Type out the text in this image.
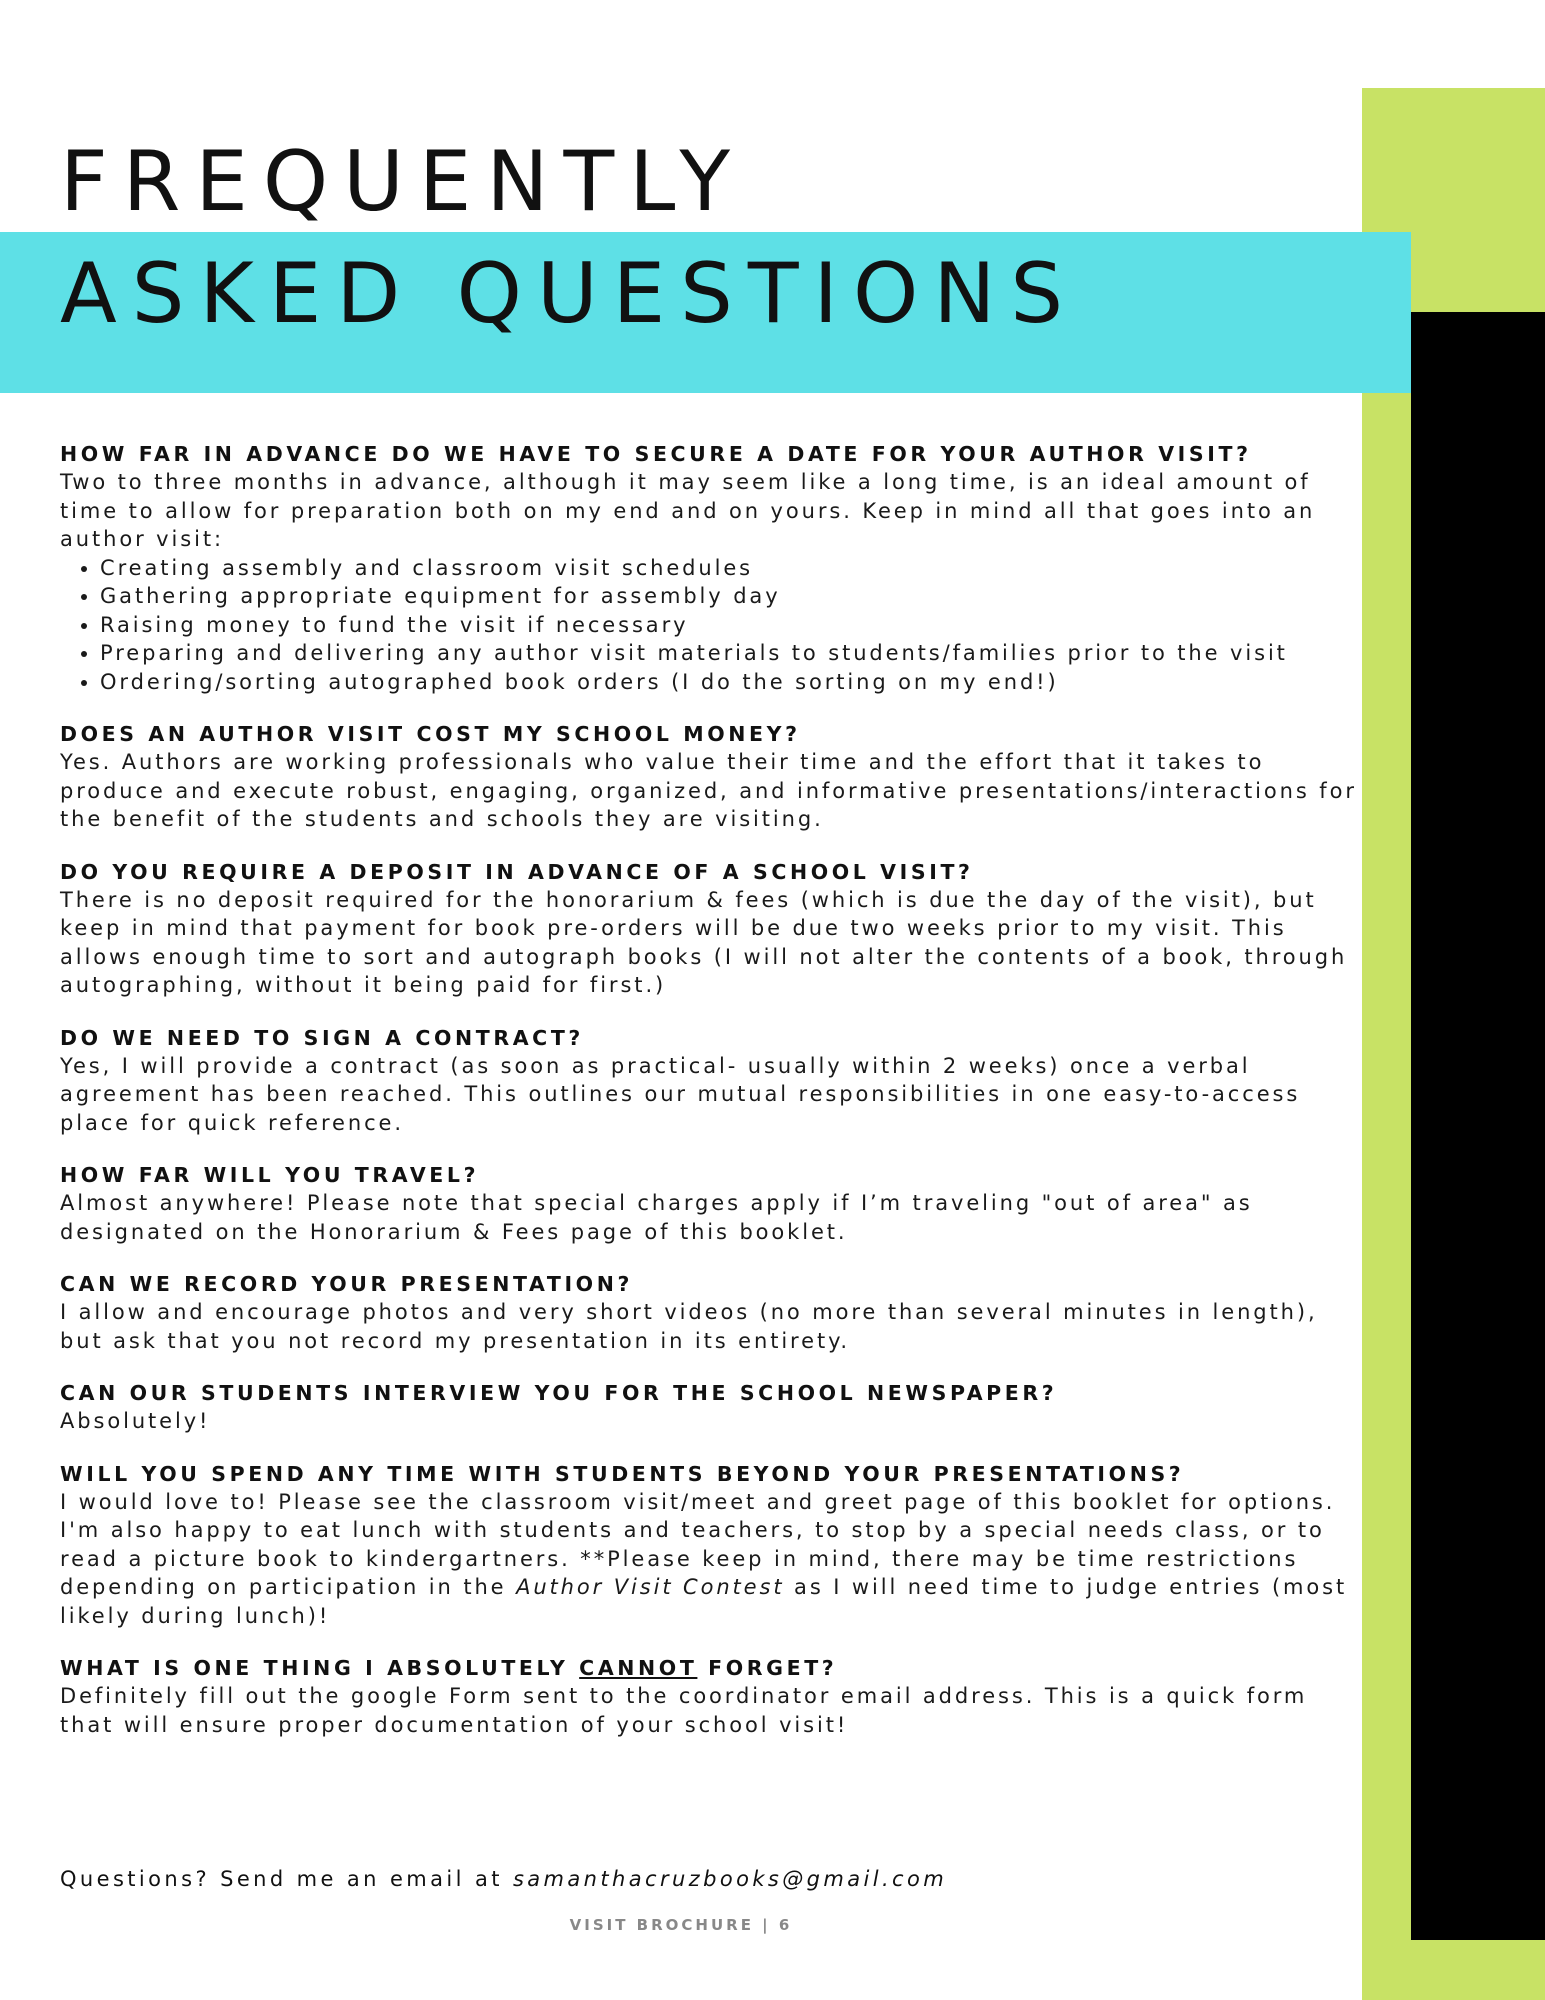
FREQUENTLY
ASKED QUESTIONS
HOW FAR IN ADVANCE DO WE HAVE TO SECURE A DATE FOR YOUR AUTHOR VISIT?

Two to three months in advance, although it may seem like a long time, is an ideal amount of time to allow for preparation both on my end and on yours. Keep in mind all that goes into an author visit:

• Creating assembly and classroom visit schedules
• Gathering appropriate equipment for assembly day
• Raising money to fund the visit if necessary
• Preparing and delivering any author visit materials to students/families prior to the visit
• Ordering/sorting autographed book orders (I do the sorting on my end!)
DOES AN AUTHOR VISIT COST MY SCHOOL MONEY?

Yes. Authors are working professionals who value their time and the effort that it takes to produce and execute robust, engaging, organized, and informative presentations/interactions for the benefit of the students and schools they are visiting.

DO YOU REQUIRE A DEPOSIT IN ADVANCE OF A SCHOOL VISIT?

There is no deposit required for the honorarium & fees (which is due the day of the visit), but keep in mind that payment for book pre-orders will be due two weeks prior to my visit. This allows enough time to sort and autograph books (I will not alter the contents of a book, through autographing, without it being paid for first.)

DO WE NEED TO SIGN A CONTRACT?

Yes, I will provide a contract (as soon as practical- usually within 2 weeks) once a verbal agreement has been reached. This outlines our mutual responsibilities in one easy-to-access place for quick reference.

HOW FAR WILL YOU TRAVEL?

Almost anywhere! Please note that special charges apply if I’m traveling "out of area" as designated on the Honorarium & Fees page of this booklet.

CAN WE RECORD YOUR PRESENTATION?

I allow and encourage photos and very short videos (no more than several minutes in length), but ask that you not record my presentation in its entirety.

CAN OUR STUDENTS INTERVIEW YOU FOR THE SCHOOL NEWSPAPER?

Absolutely!

WILL YOU SPEND ANY TIME WITH STUDENTS BEYOND YOUR PRESENTATIONS?

I would love to! Please see the classroom visit/meet and greet page of this booklet for options. I'm also happy to eat lunch with students and teachers, to stop by a special needs class, or to read a picture book to kindergartners. **Please keep in mind, there may be time restrictions depending on participation in the Author Visit Contest as I will need time to judge entries (most likely during lunch)!

WHAT IS ONE THING I ABSOLUTELY CANNOT FORGET?

Definitely fill out the google Form sent to the coordinator email address. This is a quick form that will ensure proper documentation of your school visit!

Questions? Send me an email at samanthacruzbooks@gmail.com

VISIT BROCHURE | 6
